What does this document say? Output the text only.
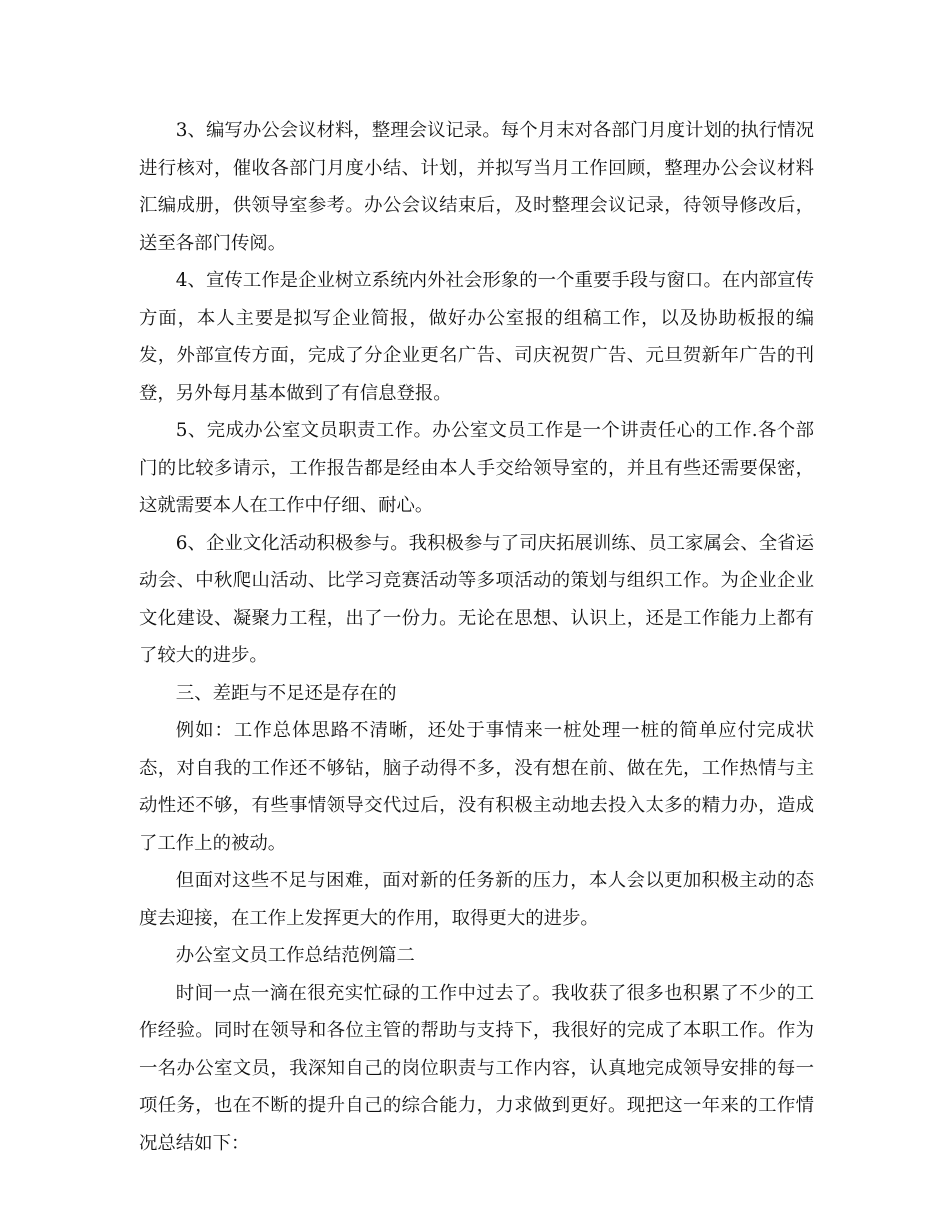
3、编写办公会议材料，整理会议记录。每个月末对各部门月度计划的执行情况进行核对，催收各部门月度小结、计划，并拟写当月工作回顾，整理办公会议材料汇编成册，供领导室参考。办公会议结束后，及时整理会议记录，待领导修改后，送至各部门传阅。

4、宣传工作是企业树立系统内外社会形象的一个重要手段与窗口。在内部宣传方面，本人主要是拟写企业简报，做好办公室报的组稿工作，以及协助板报的编发，外部宣传方面，完成了分企业更名广告、司庆祝贺广告、元旦贺新年广告的刊登，另外每月基本做到了有信息登报。

5、完成办公室文员职责工作。办公室文员工作是一个讲责任心的工作.各个部门的比较多请示，工作报告都是经由本人手交给领导室的，并且有些还需要保密，这就需要本人在工作中仔细、耐心。

6、企业文化活动积极参与。我积极参与了司庆拓展训练、员工家属会、全省运动会、中秋爬山活动、比学习竞赛活动等多项活动的策划与组织工作。为企业企业文化建设、凝聚力工程，出了一份力。无论在思想、认识上，还是工作能力上都有了较大的进步。

三、差距与不足还是存在的

例如：工作总体思路不清晰，还处于事情来一桩处理一桩的简单应付完成状态，对自我的工作还不够钻，脑子动得不多，没有想在前、做在先，工作热情与主动性还不够，有些事情领导交代过后，没有积极主动地去投入太多的精力办，造成了工作上的被动。

但面对这些不足与困难，面对新的任务新的压力，本人会以更加积极主动的态度去迎接，在工作上发挥更大的作用，取得更大的进步。

办公室文员工作总结范例篇二

时间一点一滴在很充实忙碌的工作中过去了。我收获了很多也积累了不少的工作经验。同时在领导和各位主管的帮助与支持下，我很好的完成了本职工作。作为一名办公室文员，我深知自己的岗位职责与工作内容，认真地完成领导安排的每一项任务，也在不断的提升自己的综合能力，力求做到更好。现把这一年来的工作情况总结如下：
